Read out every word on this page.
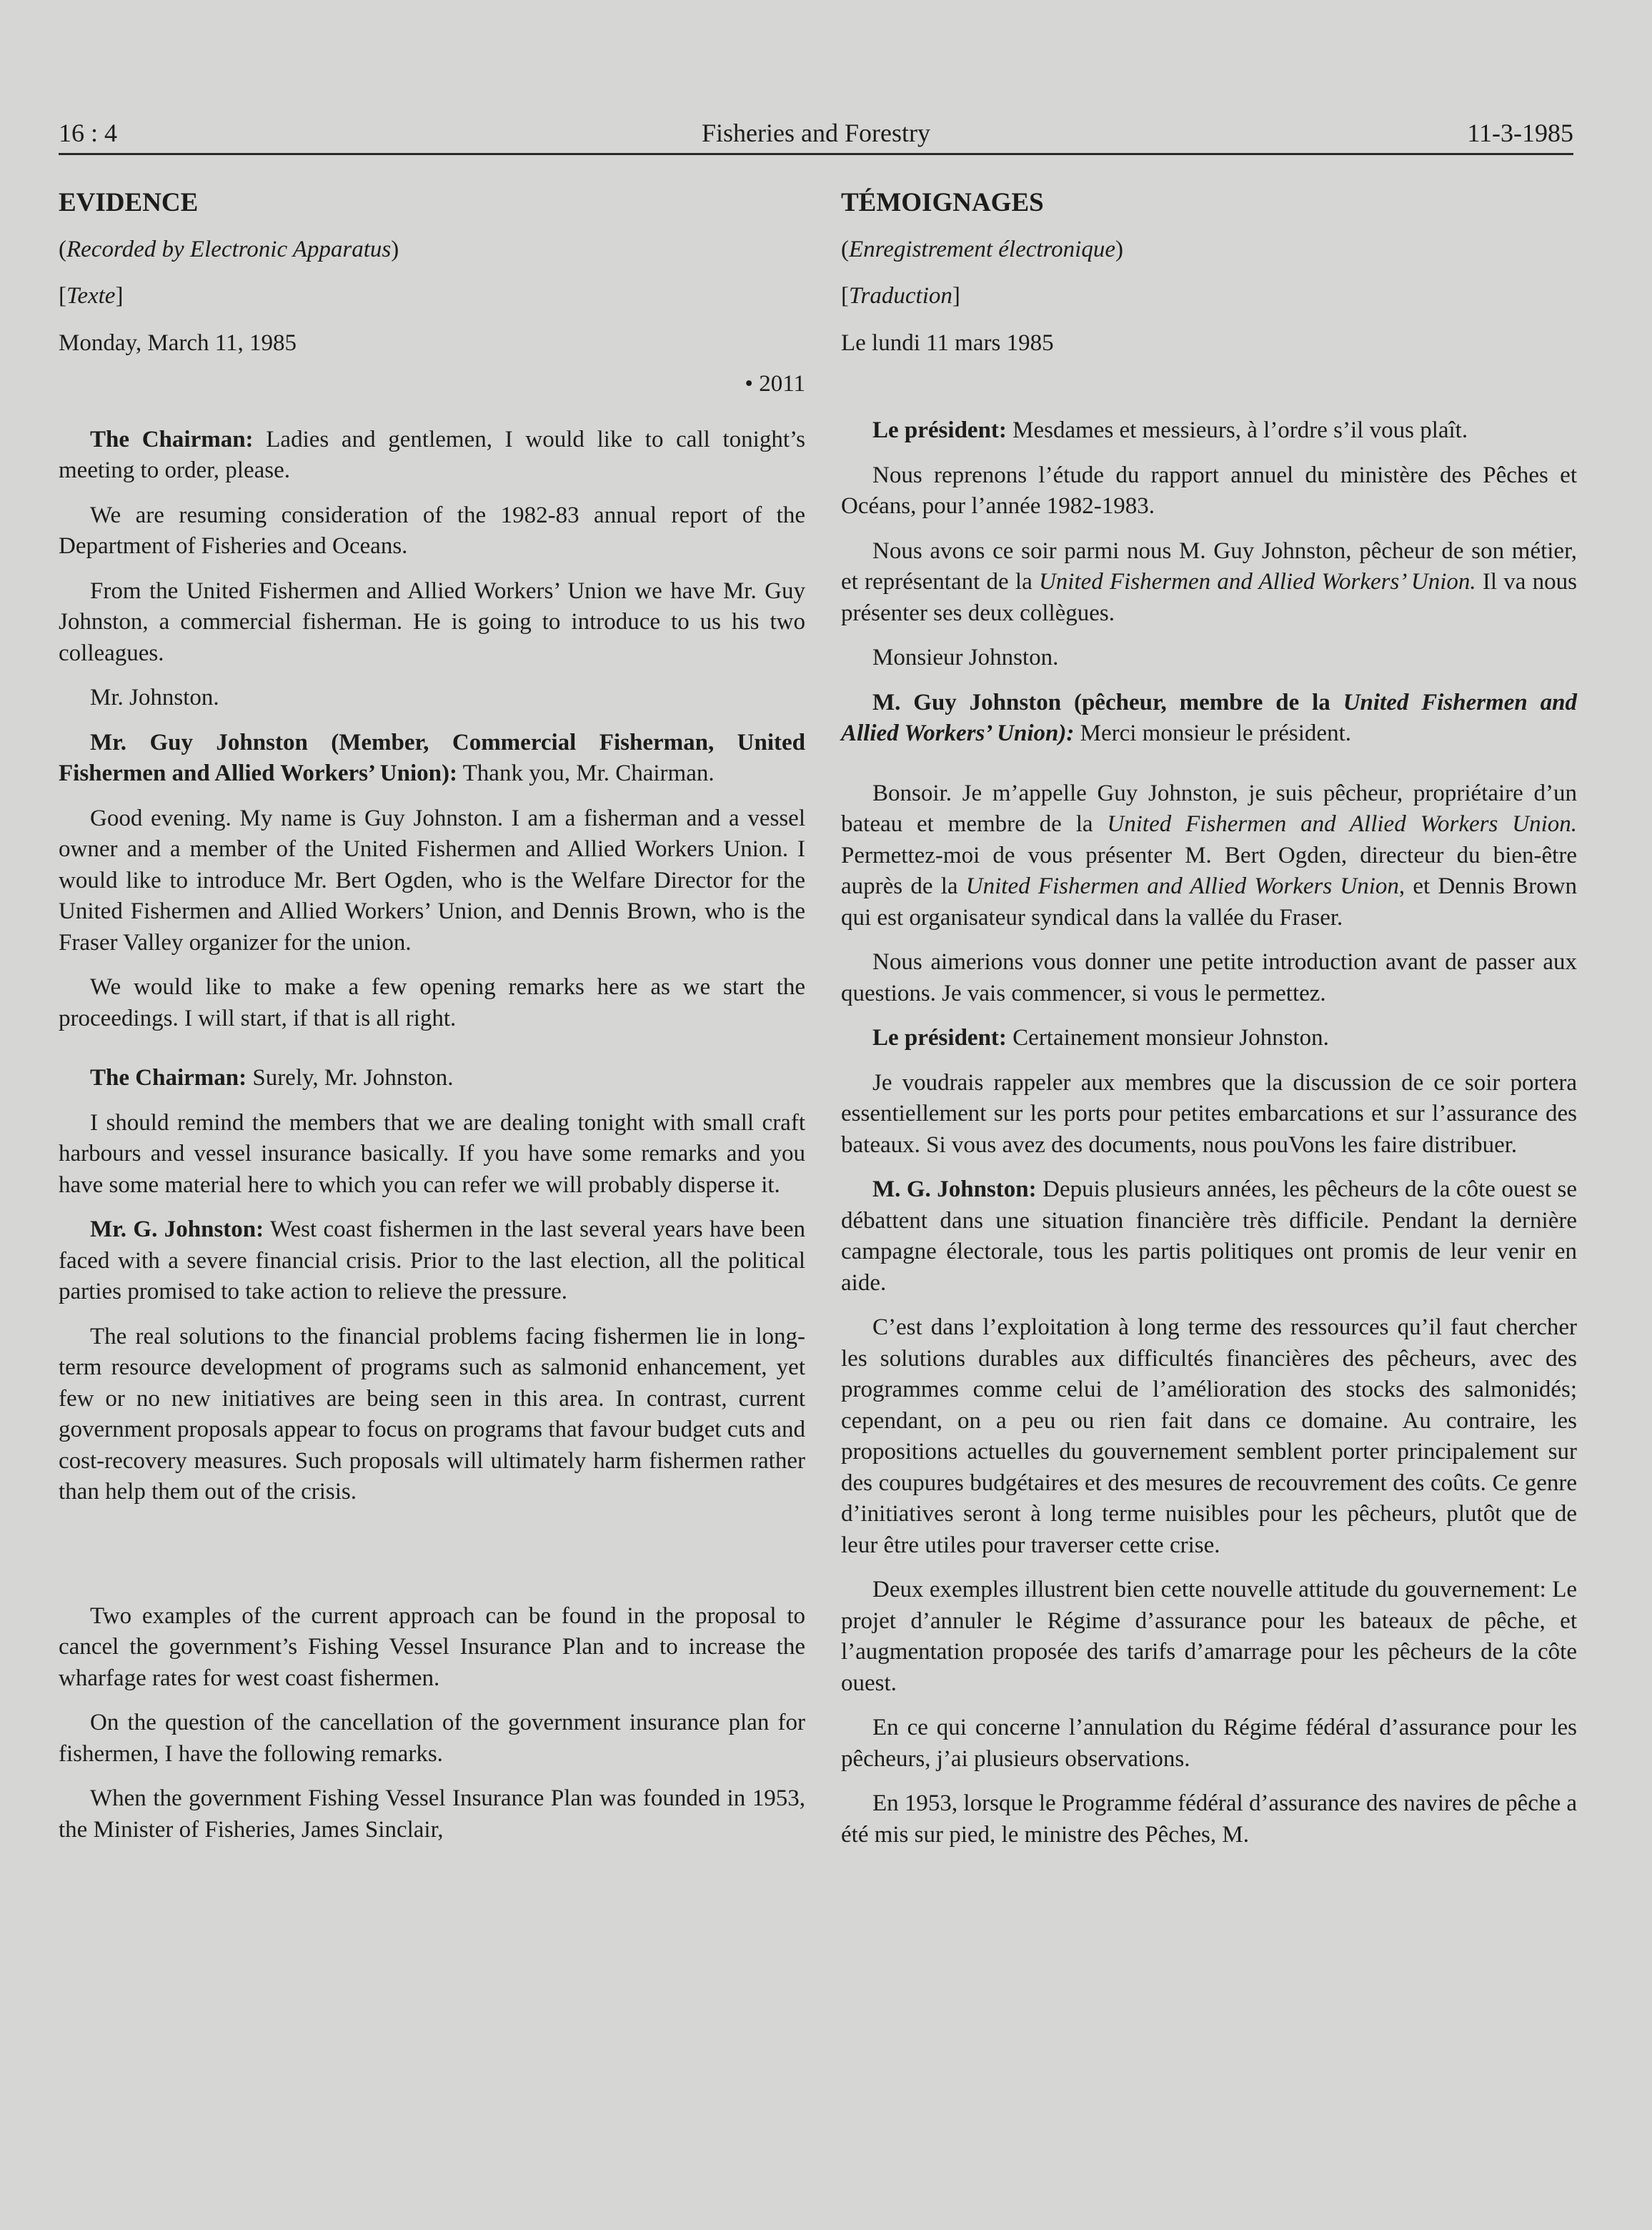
16 : 4	Fisheries and Forestry	11-3-1985

EVIDENCE

(Recorded by Electronic Apparatus)

[Texte]

Monday, March 11, 1985

• 2011

The Chairman: Ladies and gentlemen, I would like to call tonight’s meeting to order, please.

We are resuming consideration of the 1982-83 annual report of the Department of Fisheries and Oceans.

From the United Fishermen and Allied Workers’ Union we have Mr. Guy Johnston, a commercial fisherman. He is going to introduce to us his two colleagues.

Mr. Johnston.

Mr. Guy Johnston (Member, Commercial Fisherman, United Fishermen and Allied Workers’ Union): Thank you, Mr. Chairman.

Good evening. My name is Guy Johnston. I am a fisherman and a vessel owner and a member of the United Fishermen and Allied Workers Union. I would like to introduce Mr. Bert Ogden, who is the Welfare Director for the United Fishermen and Allied Workers’ Union, and Dennis Brown, who is the Fraser Valley organizer for the union.

We would like to make a few opening remarks here as we start the proceedings. I will start, if that is all right.

The Chairman: Surely, Mr. Johnston.

I should remind the members that we are dealing tonight with small craft harbours and vessel insurance basically. If you have some remarks and you have some material here to which you can refer we will probably disperse it.

Mr. G. Johnston: West coast fishermen in the last several years have been faced with a severe financial crisis. Prior to the last election, all the political parties promised to take action to relieve the pressure.

The real solutions to the financial problems facing fishermen lie in long-term resource development of programs such as salmonid enhancement, yet few or no new initiatives are being seen in this area. In contrast, current government proposals appear to focus on programs that favour budget cuts and cost-recovery measures. Such proposals will ultimately harm fishermen rather than help them out of the crisis.

Two examples of the current approach can be found in the proposal to cancel the government’s Fishing Vessel Insurance Plan and to increase the wharfage rates for west coast fishermen.

On the question of the cancellation of the government insurance plan for fishermen, I have the following remarks.

When the government Fishing Vessel Insurance Plan was founded in 1953, the Minister of Fisheries, James Sinclair,

TÉMOIGNAGES

(Enregistrement électronique)

[Traduction]

Le lundi 11 mars 1985

Le président: Mesdames et messieurs, à l’ordre s’il vous plaît.

Nous reprenons l’étude du rapport annuel du ministère des Pêches et Océans, pour l’année 1982-1983.

Nous avons ce soir parmi nous M. Guy Johnston, pêcheur de son métier, et représentant de la United Fishermen and Allied Workers’ Union. Il va nous présenter ses deux collègues.

Monsieur Johnston.

M. Guy Johnston (pêcheur, membre de la United Fishermen and Allied Workers’ Union): Merci monsieur le président.

Bonsoir. Je m’appelle Guy Johnston, je suis pêcheur, propriétaire d’un bateau et membre de la United Fishermen and Allied Workers Union. Permettez-moi de vous présenter M. Bert Ogden, directeur du bien-être auprès de la United Fishermen and Allied Workers Union, et Dennis Brown qui est organisateur syndical dans la vallée du Fraser.

Nous aimerions vous donner une petite introduction avant de passer aux questions. Je vais commencer, si vous le permettez.

Le président: Certainement monsieur Johnston.

Je voudrais rappeler aux membres que la discussion de ce soir portera essentiellement sur les ports pour petites embarcations et sur l’assurance des bateaux. Si vous avez des documents, nous pouVons les faire distribuer.

M. G. Johnston: Depuis plusieurs années, les pêcheurs de la côte ouest se débattent dans une situation financière très difficile. Pendant la dernière campagne électorale, tous les partis politiques ont promis de leur venir en aide.

C’est dans l’exploitation à long terme des ressources qu’il faut chercher les solutions durables aux difficultés financières des pêcheurs, avec des programmes comme celui de l’amélioration des stocks des salmonidés; cependant, on a peu ou rien fait dans ce domaine. Au contraire, les propositions actuelles du gouvernement semblent porter principalement sur des coupures budgétaires et des mesures de recouvrement des coûts. Ce genre d’initiatives seront à long terme nuisibles pour les pêcheurs, plutôt que de leur être utiles pour traverser cette crise.

Deux exemples illustrent bien cette nouvelle attitude du gouvernement: Le projet d’annuler le Régime d’assurance pour les bateaux de pêche, et l’augmentation proposée des tarifs d’amarrage pour les pêcheurs de la côte ouest.

En ce qui concerne l’annulation du Régime fédéral d’assurance pour les pêcheurs, j’ai plusieurs observations.

En 1953, lorsque le Programme fédéral d’assurance des navires de pêche a été mis sur pied, le ministre des Pêches, M.
